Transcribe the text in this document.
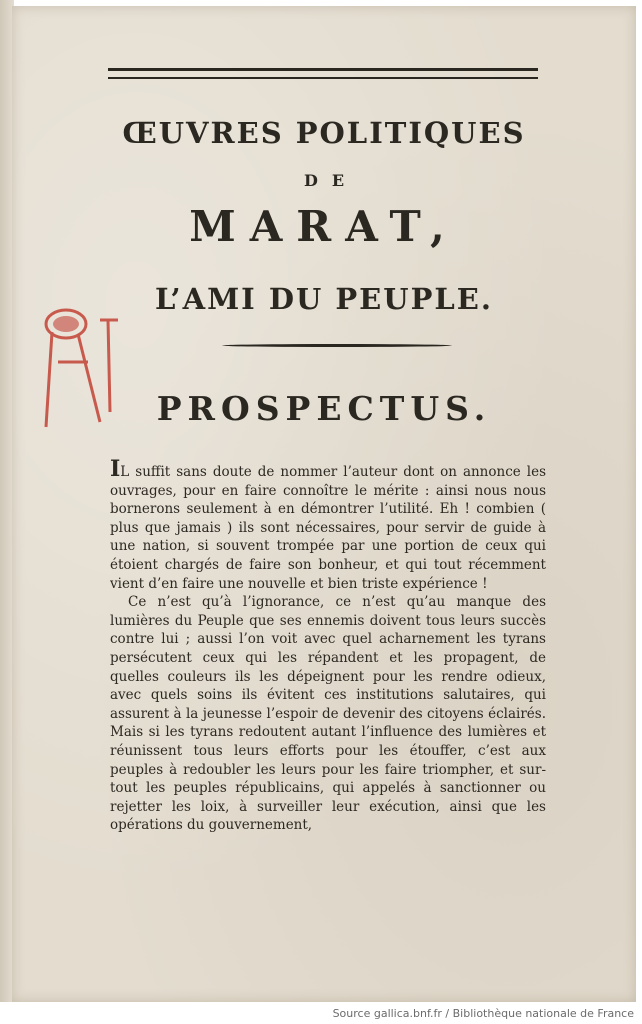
ŒUVRES POLITIQUES
DE
MARAT,
L’AMI DU PEUPLE.
PROSPECTUS.

IL suffit sans doute de nommer l’auteur dont on annonce les ouvrages, pour en faire connoître le mérite : ainsi nous nous bornerons seulement à en démontrer l’utilité. Eh ! combien ( plus que jamais ) ils sont nécessaires, pour servir de guide à une nation, si souvent trompée par une portion de ceux qui étoient chargés de faire son bonheur, et qui tout récemment vient d’en faire une nouvelle et bien triste expérience !

Ce n’est qu’à l’ignorance, ce n’est qu’au manque des lumières du Peuple que ses ennemis doivent tous leurs succès contre lui ; aussi l’on voit avec quel acharnement les tyrans persécutent ceux qui les répandent et les propagent, de quelles couleurs ils les dépeignent pour les rendre odieux, avec quels soins ils évitent ces institutions salutaires, qui assurent à la jeunesse l’espoir de devenir des citoyens éclairés. Mais si les tyrans redoutent autant l’influence des lumières et réunissent tous leurs efforts pour les étouffer, c’est aux peuples à redoubler les leurs pour les faire triompher, et sur-tout les peuples républicains, qui appelés à sanctionner ou rejetter les loix, à surveiller leur exécution, ainsi que les opérations du gouvernement,

Source gallica.bnf.fr / Bibliothèque nationale de France
